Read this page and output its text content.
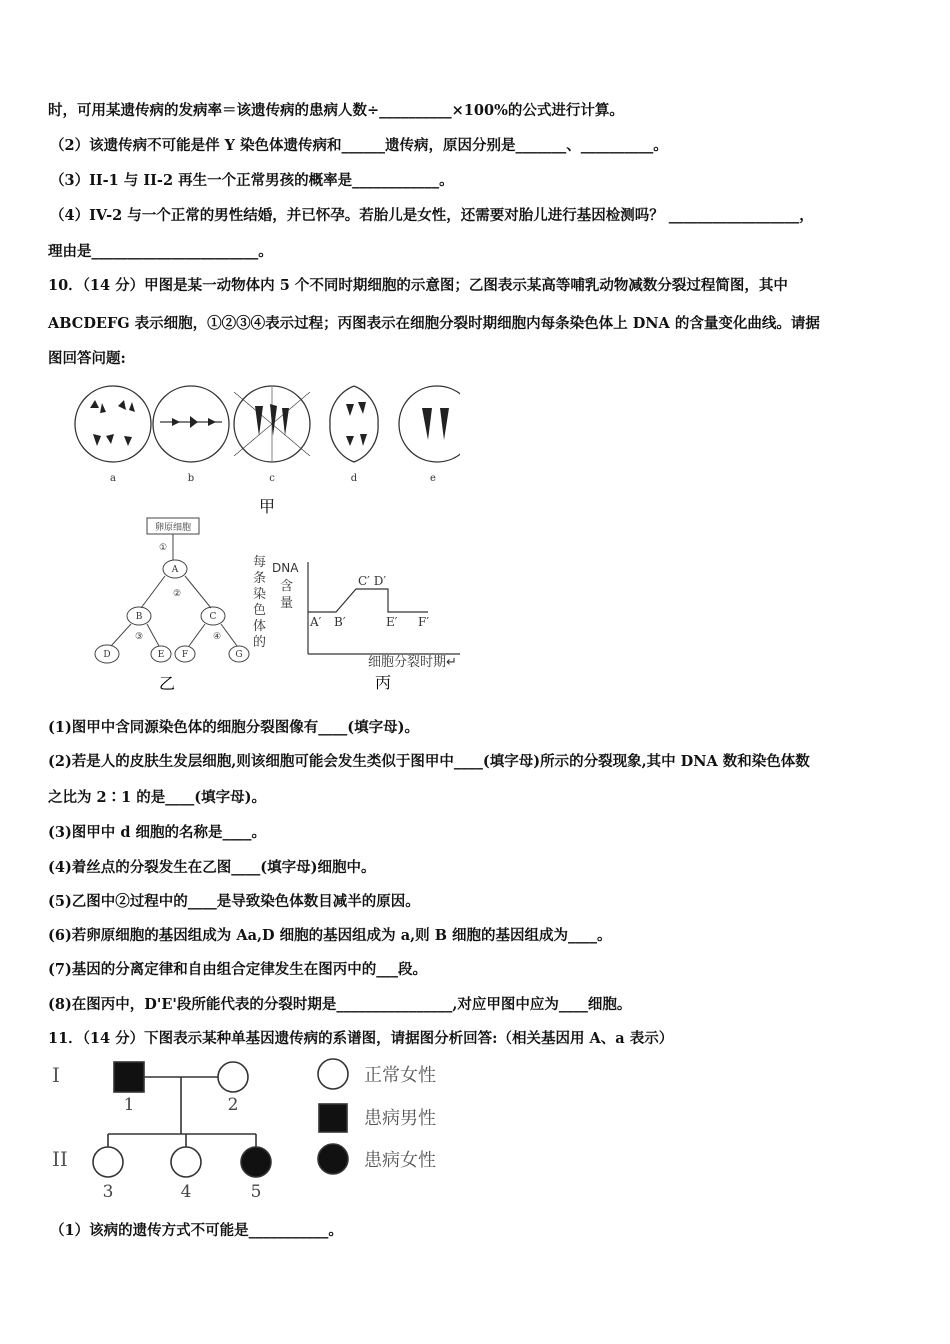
时，可用某遗传病的发病率＝该遗传病的患病人数÷__________×100%的公式进行计算。
（2）该遗传病不可能是伴 Y 染色体遗传病和______遗传病，原因分别是_______、__________。
（3）II-1 与 II-2 再生一个正常男孩的概率是____________。
（4）IV-2 与一个正常的男性结婚，并已怀孕。若胎儿是女性，还需要对胎儿进行基因检测吗？ __________________，
理由是_______________________。
10．（14 分）甲图是某一动物体内 5 个不同时期细胞的示意图；乙图表示某高等哺乳动物减数分裂过程简图，其中
ABCDEFG 表示细胞，①②③④表示过程；丙图表示在细胞分裂时期细胞内每条染色体上 DNA 的含量变化曲线。请据
图回答问题:
a	b	c	d	e
甲
卵原细胞
A
B	C
D	E F	G
①
②
③	④
乙
每
条
染
色
体
的
DNA
含
量
A′ B′
C′ D′
E′ F′
细胞分裂时期↵
丙
(1)图甲中含同源染色体的细胞分裂图像有____(填字母)。
(2)若是人的皮肤生发层细胞,则该细胞可能会发生类似于图甲中____(填字母)所示的分裂现象,其中 DNA 数和染色体数
之比为 2∶1 的是____(填字母)。
(3)图甲中 d 细胞的名称是____。
(4)着丝点的分裂发生在乙图____(填字母)细胞中。
(5)乙图中②过程中的____是导致染色体数目减半的原因。
(6)若卵原细胞的基因组成为 Aa,D 细胞的基因组成为 a,则 B 细胞的基因组成为____。
(7)基因的分离定律和自由组合定律发生在图丙中的___段。
(8)在图丙中，D'E'段所能代表的分裂时期是________________,对应甲图中应为____细胞。
11．（14 分）下图表示某种单基因遗传病的系谱图，请据图分析回答:（相关基因用 A、a 表示）
I
II
1	2
3	4	5
正常女性
患病男性
患病女性
（1）该病的遗传方式不可能是___________。
